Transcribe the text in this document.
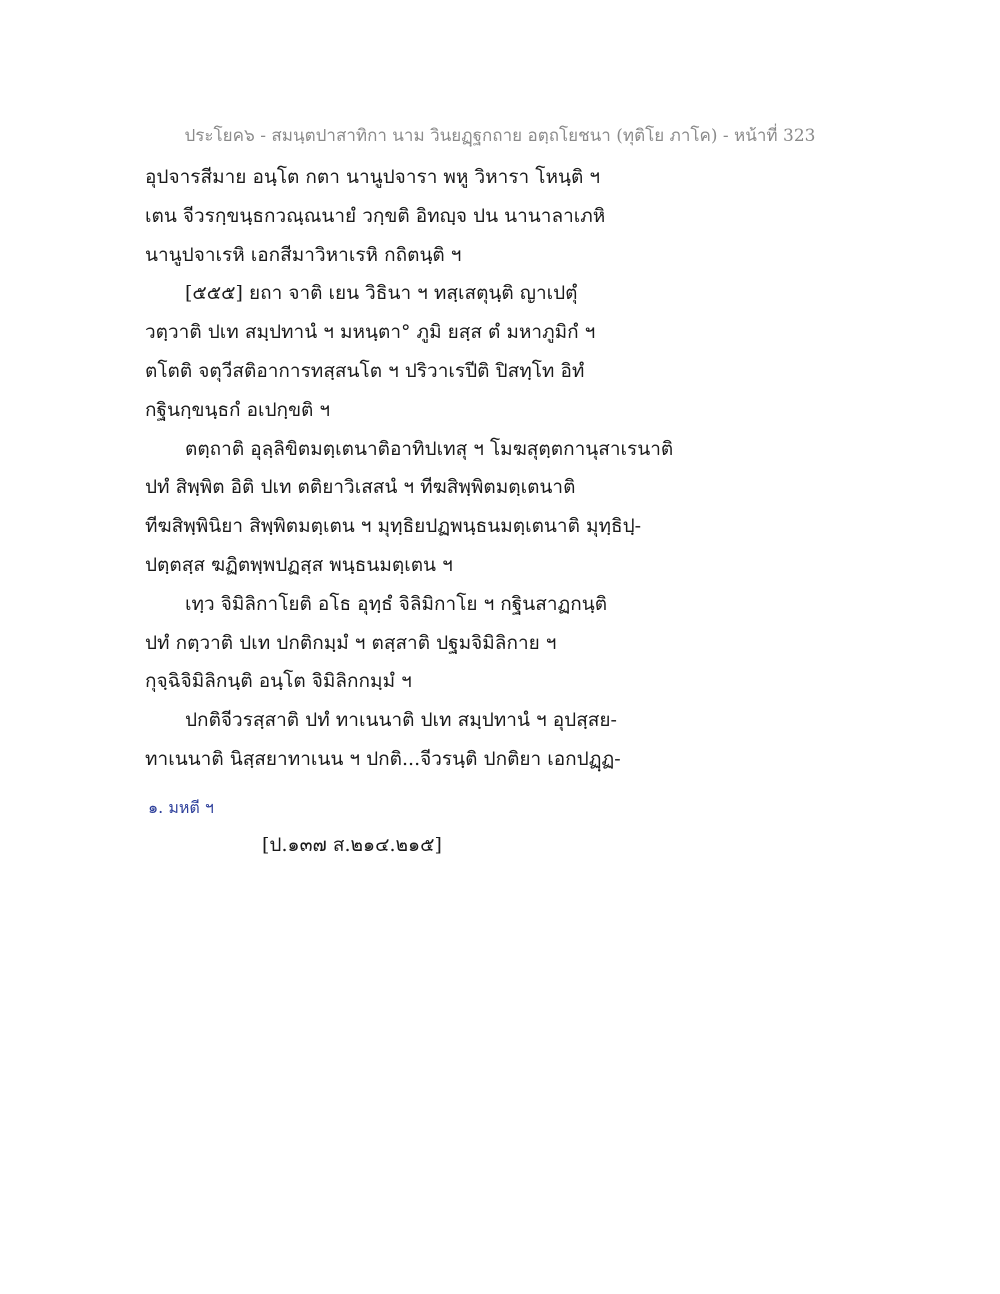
ประโยค๖ - สมนฺตปาสาทิกา นาม วินยฏฺฐกถาย อตฺถโยชนา (ทุติโย ภาโค) - หน้าที่ 323
อุปจารสีมาย อนฺโต กตา นานูปจารา พหู วิหารา โหนฺติ ฯ
เตน จีวรกฺขนฺธกวณฺณนายํ วกฺขติ อิทญฺจ ปน นานาลาเภหิ
นานูปจาเรหิ เอกสีมาวิหาเรหิ กถิตนฺติ ฯ
[๕๕๕] ยถา จาติ เยน วิธินา ฯ ทสฺเสตุนฺติ ญาเปตุํ
วตฺวาติ ปเท สมฺปทานํ ฯ มหนฺตา° ภูมิ ยสฺส ตํ มหาภูมิกํ ฯ
ตโตติ จตุวีสติอาการทสฺสนโต ฯ ปริวาเรปีติ ปิสทฺโท อิทํ
กฐินกฺขนฺธกํ อเปกฺขติ ฯ
ตตฺถาติ อุลฺลิขิตมตฺเตนาติอาทิปเทสุ ฯ โมฆสุตฺตกานุสาเรนาติ
ปทํ สิพฺพิต อิติ ปเท ตติยาวิเสสนํ ฯ ทีฆสิพฺพิตมตฺเตนาติ
ทีฆสิพฺพินิยา สิพฺพิตมตฺเตน ฯ มุทฺธิยปฏพนฺธนมตฺเตนาติ มุทฺธิปฺ-
ปตฺตสฺส ฆฏิตพฺพปฏสฺส พนฺธนมตฺเตน ฯ
เทฺว จิมิลิกาโยติ อโธ อุทฺธํ จิลิมิกาโย ฯ กฐินสาฏกนฺติ
ปทํ กตฺวาติ ปเท ปกติกมฺมํ ฯ ตสฺสาติ ปฐมจิมิลิกาย ฯ
กุจฺฉิจิมิลิกนฺติ อนฺโต จิมิลิกกมฺมํ ฯ
ปกติจีวรสฺสาติ ปทํ ทาเนนาติ ปเท สมฺปทานํ ฯ อุปสฺสย-
ทาเนนาติ นิสฺสยาทาเนน ฯ ปกติ...จีวรนฺติ ปกติยา เอกปฏฺฏ-
๑. มหตี ฯ
[ป.๑๓๗ ส.๒๑๔.๒๑๕]
